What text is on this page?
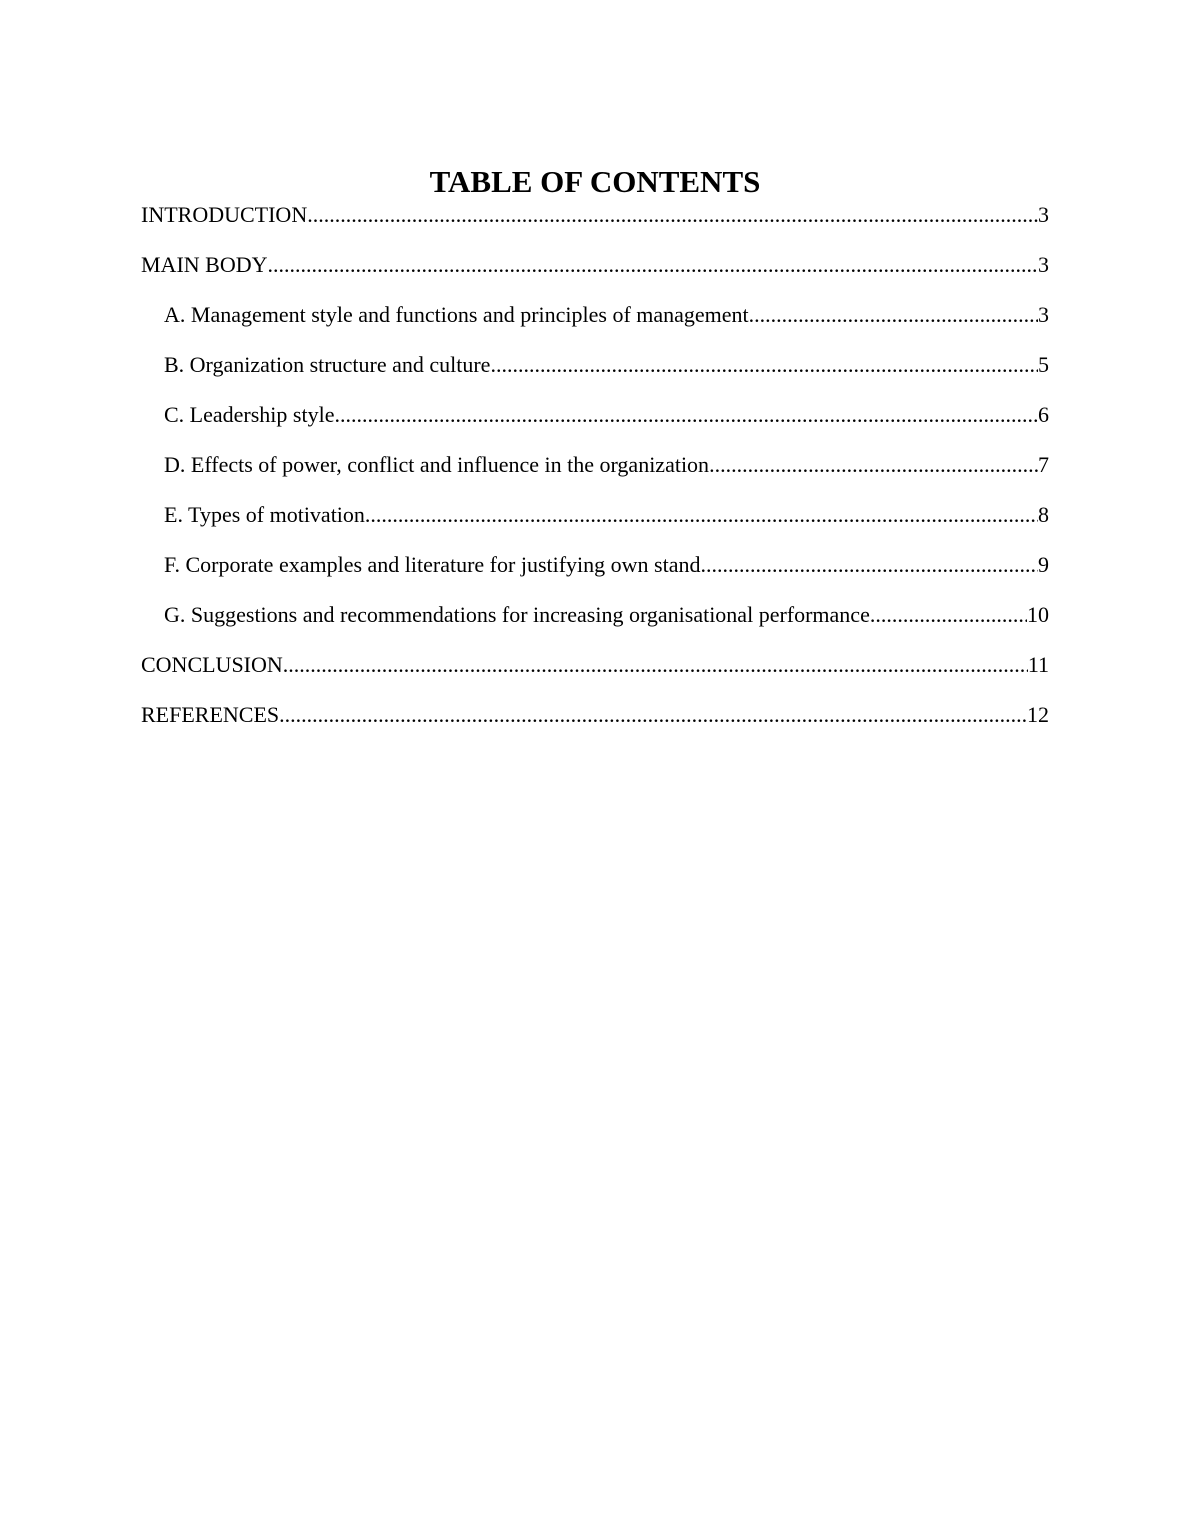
TABLE OF CONTENTS
INTRODUCTION .....	3
MAIN BODY .....	3
A. Management style and functions and principles of management .....	3
B. Organization structure and culture .....	5
C. Leadership style .....	6
D. Effects of power, conflict and influence in the organization .....	7
E. Types of motivation .....	8
F. Corporate examples and literature for justifying own stand .....	9
G. Suggestions and recommendations for increasing organisational performance .....	10
CONCLUSION .....	11
REFERENCES .....	12
